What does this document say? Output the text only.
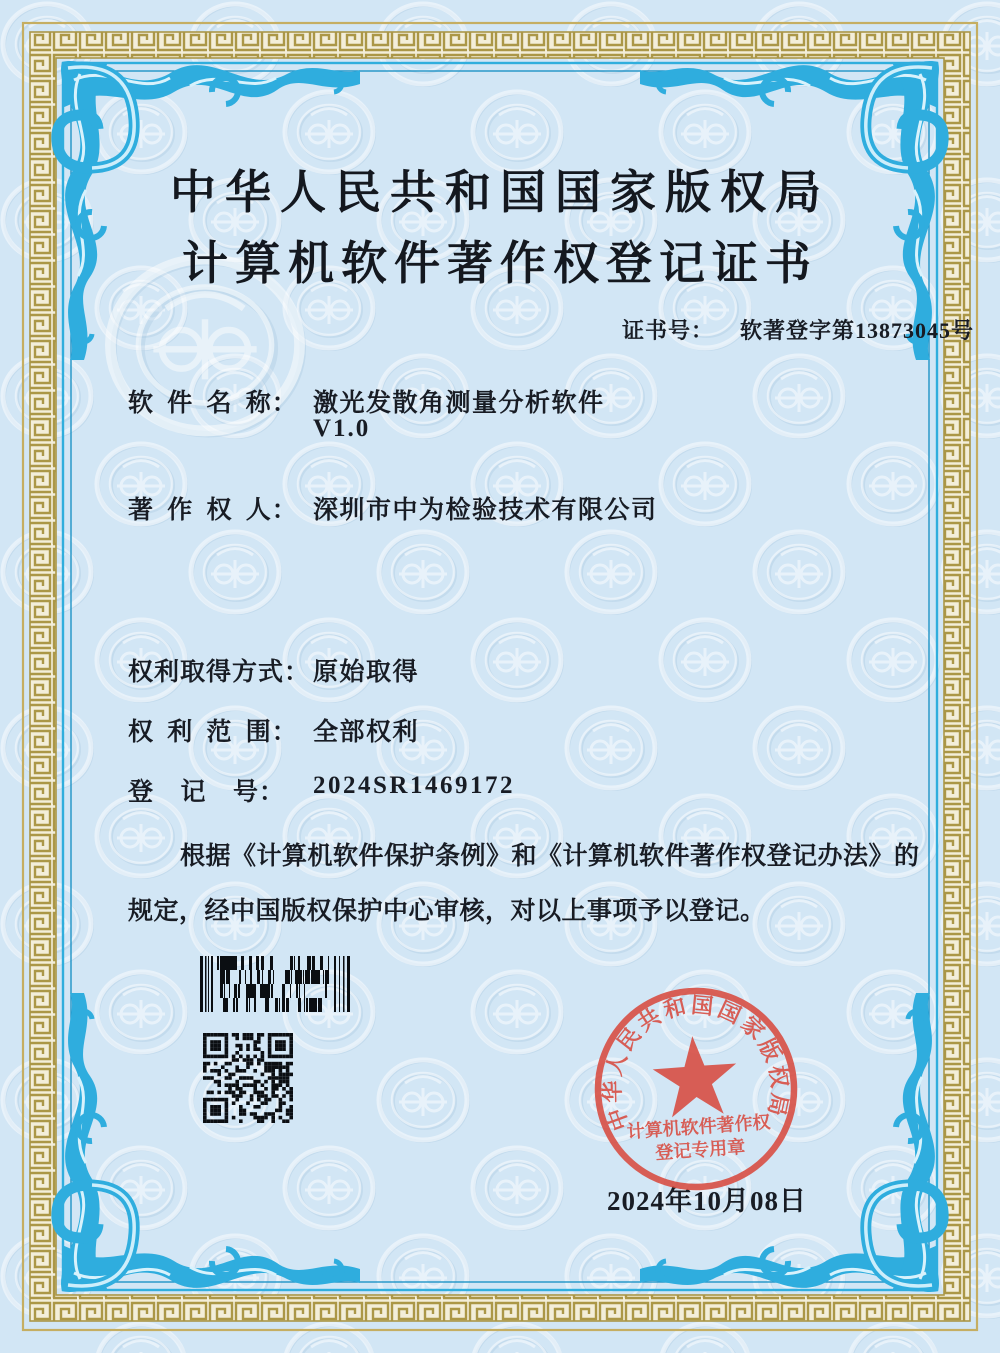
中华人民共和国国家版权局
计算机软件著作权登记证书
证书号： 软著登字第13873045号
软 件 名 称： 激光发散角测量分析软件
V1.0
著 作 权 人： 深圳市中为检验技术有限公司
权利取得方式： 原始取得
权 利 范 围： 全部权利
登  记  号： 2024SR1469172
根据《计算机软件保护条例》和《计算机软件著作权登记办法》的
规定，经中国版权保护中心审核，对以上事项予以登记。
2024年10月08日
中华人民共和国国家版权局
计算机软件著作权
登记专用章
